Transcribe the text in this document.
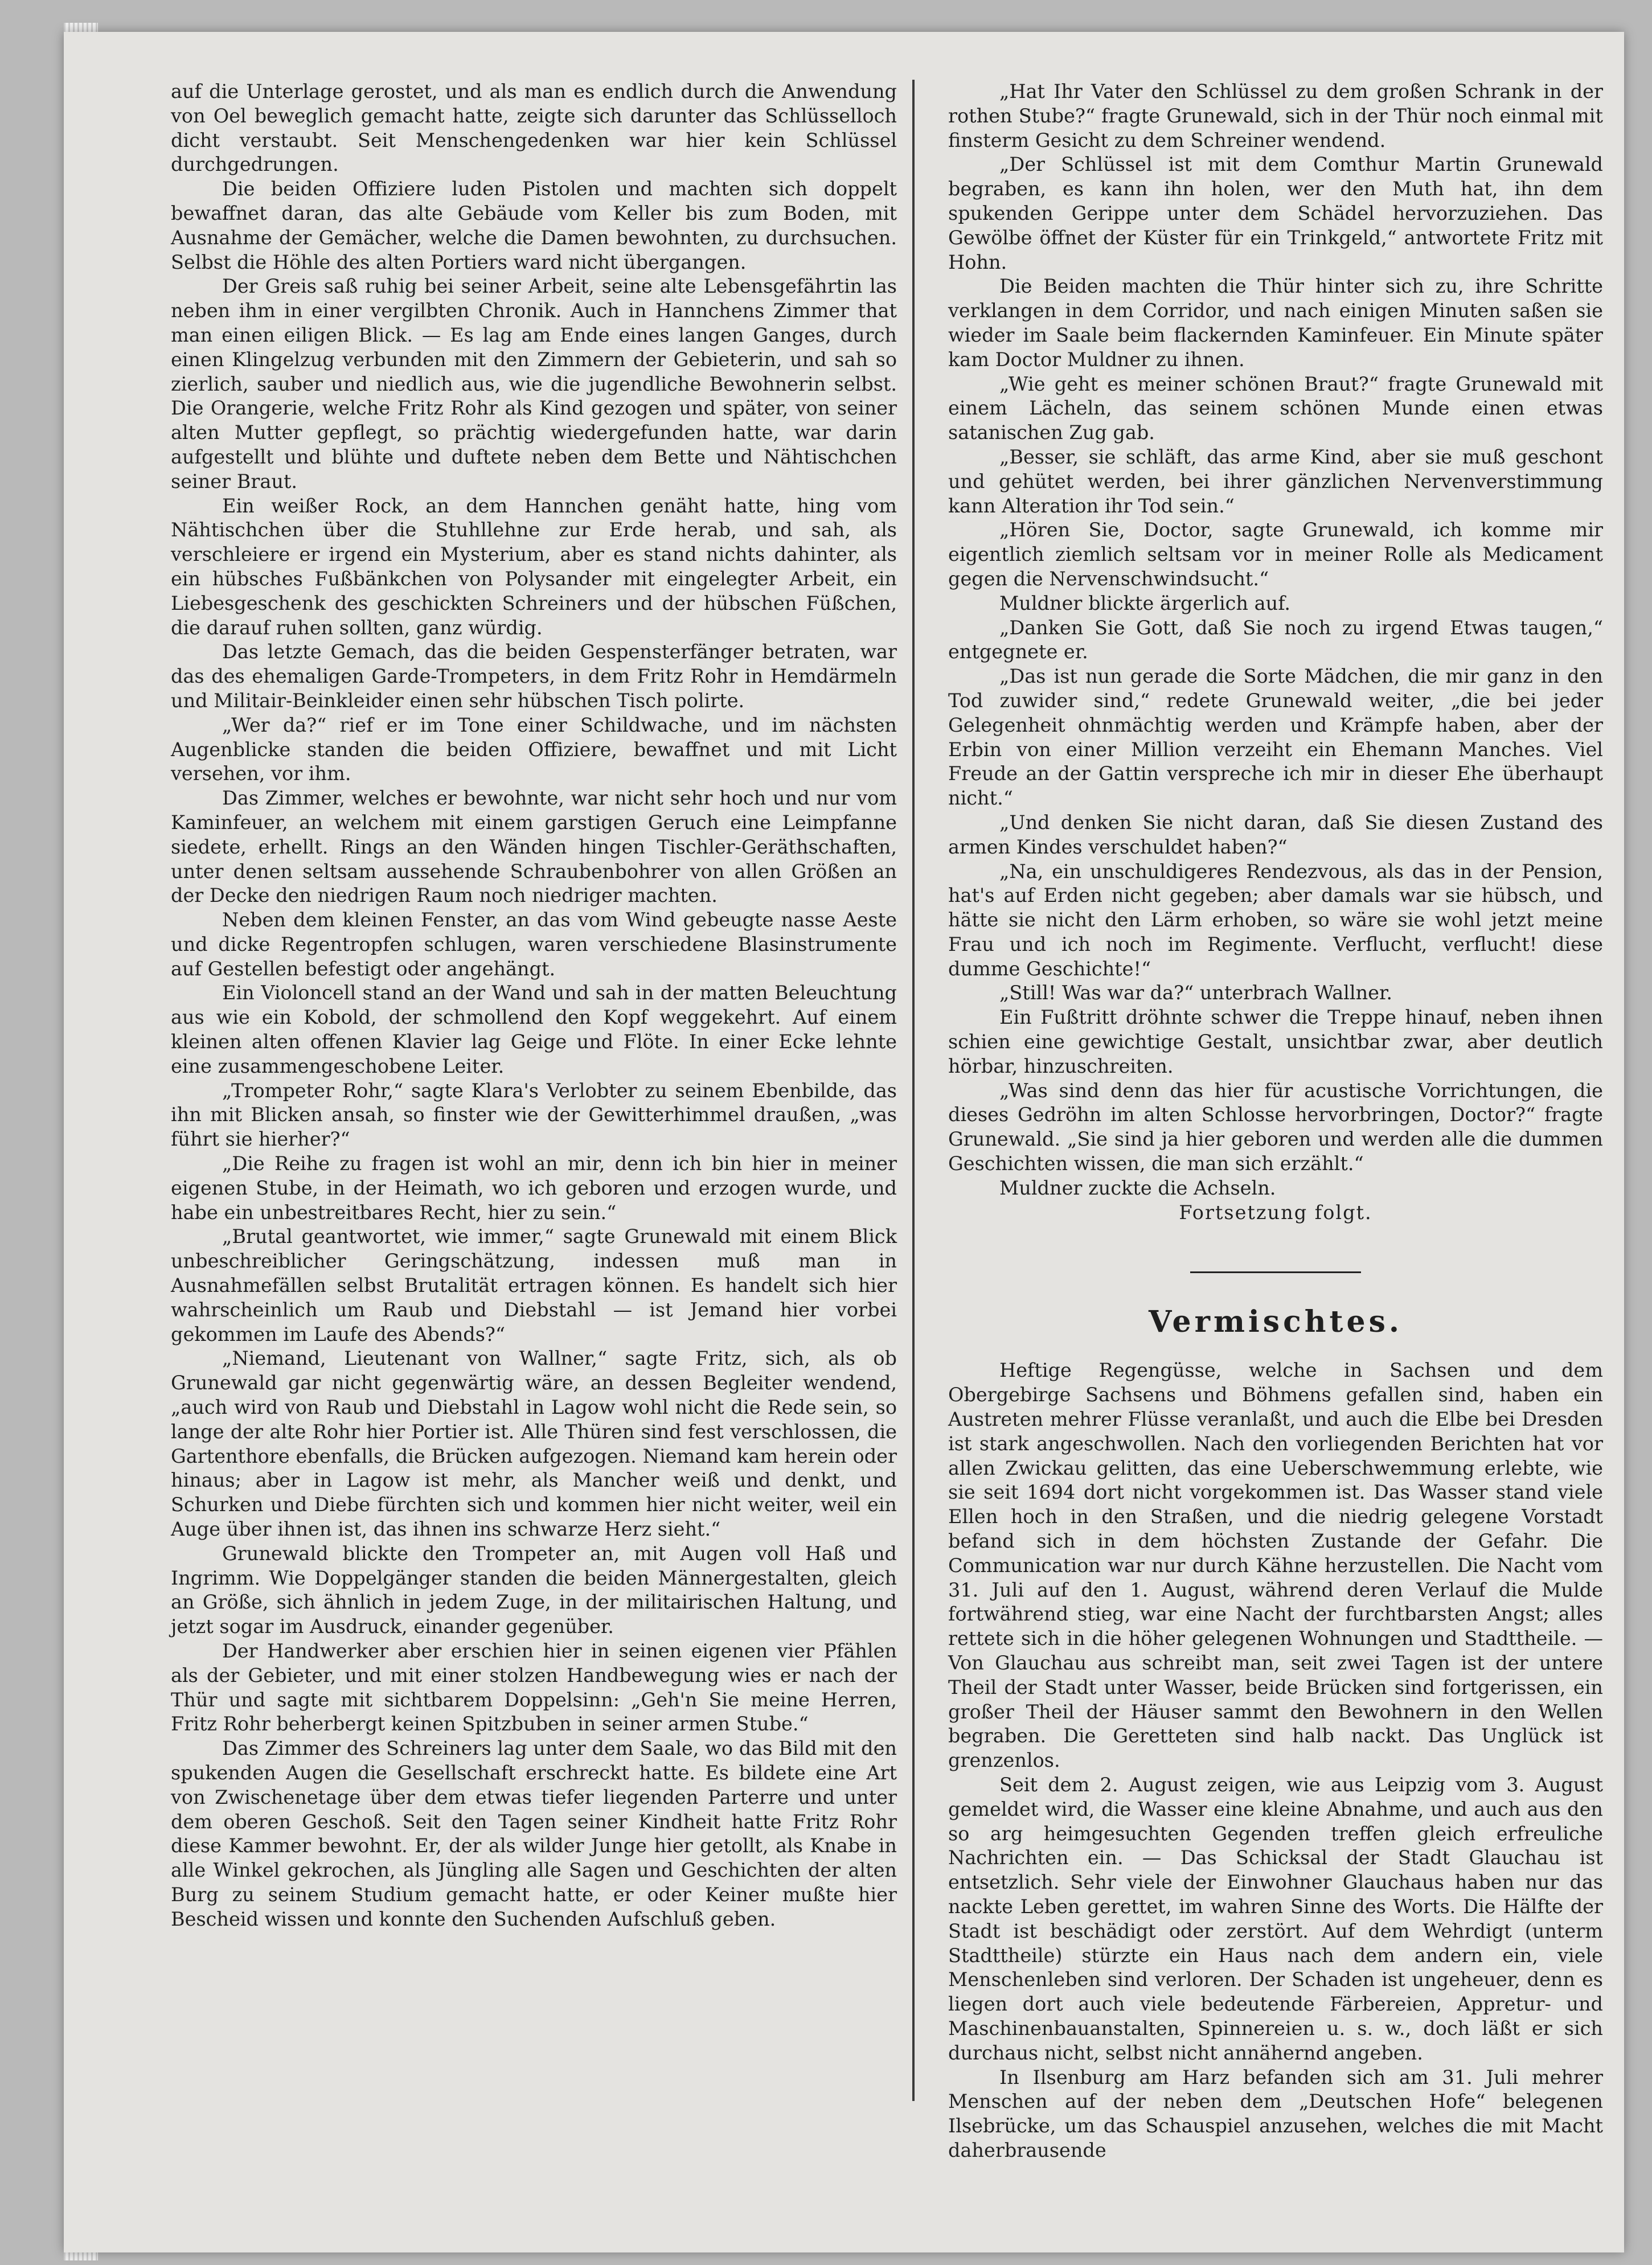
auf die Unterlage gerostet, und als man es endlich durch die Anwendung von Oel beweglich gemacht hatte, zeigte sich darunter das Schlüsselloch dicht verstaubt. Seit Menschengedenken war hier kein Schlüssel durchgedrungen.

Die beiden Offiziere luden Pistolen und machten sich doppelt bewaffnet daran, das alte Gebäude vom Keller bis zum Boden, mit Ausnahme der Gemächer, welche die Damen bewohnten, zu durchsuchen. Selbst die Höhle des alten Portiers ward nicht übergangen.

Der Greis saß ruhig bei seiner Arbeit, seine alte Lebensgefährtin las neben ihm in einer vergilbten Chronik. Auch in Hannchens Zimmer that man einen eiligen Blick. — Es lag am Ende eines langen Ganges, durch einen Klingelzug verbunden mit den Zimmern der Gebieterin, und sah so zierlich, sauber und niedlich aus, wie die jugendliche Bewohnerin selbst. Die Orangerie, welche Fritz Rohr als Kind gezogen und später, von seiner alten Mutter gepflegt, so prächtig wiedergefunden hatte, war darin aufgestellt und blühte und duftete neben dem Bette und Nähtischchen seiner Braut.

Ein weißer Rock, an dem Hannchen genäht hatte, hing vom Nähtischchen über die Stuhllehne zur Erde herab, und sah, als verschleiere er irgend ein Mysterium, aber es stand nichts dahinter, als ein hübsches Fußbänkchen von Polysander mit eingelegter Arbeit, ein Liebesgeschenk des geschickten Schreiners und der hübschen Füßchen, die darauf ruhen sollten, ganz würdig.

Das letzte Gemach, das die beiden Gespensterfänger betraten, war das des ehemaligen Garde-Trompeters, in dem Fritz Rohr in Hemdärmeln und Militair-Beinkleider einen sehr hübschen Tisch polirte.

„Wer da?“ rief er im Tone einer Schildwache, und im nächsten Augenblicke standen die beiden Offiziere, bewaffnet und mit Licht versehen, vor ihm.

Das Zimmer, welches er bewohnte, war nicht sehr hoch und nur vom Kaminfeuer, an welchem mit einem garstigen Geruch eine Leimpfanne siedete, erhellt. Rings an den Wänden hingen Tischler-Geräthschaften, unter denen seltsam aussehende Schraubenbohrer von allen Größen an der Decke den niedrigen Raum noch niedriger machten.

Neben dem kleinen Fenster, an das vom Wind gebeugte nasse Aeste und dicke Regentropfen schlugen, waren verschiedene Blasinstrumente auf Gestellen befestigt oder angehängt.

Ein Violoncell stand an der Wand und sah in der matten Beleuchtung aus wie ein Kobold, der schmollend den Kopf weggekehrt. Auf einem kleinen alten offenen Klavier lag Geige und Flöte. In einer Ecke lehnte eine zusammengeschobene Leiter.

„Trompeter Rohr,“ sagte Klara's Verlobter zu seinem Ebenbilde, das ihn mit Blicken ansah, so finster wie der Gewitterhimmel draußen, „was führt sie hierher?“

„Die Reihe zu fragen ist wohl an mir, denn ich bin hier in meiner eigenen Stube, in der Heimath, wo ich geboren und erzogen wurde, und habe ein unbestreitbares Recht, hier zu sein.“

„Brutal geantwortet, wie immer,“ sagte Grunewald mit einem Blick unbeschreiblicher Geringschätzung, indessen muß man in Ausnahmefällen selbst Brutalität ertragen können. Es handelt sich hier wahrscheinlich um Raub und Diebstahl — ist Jemand hier vorbei gekommen im Laufe des Abends?“

„Niemand, Lieutenant von Wallner,“ sagte Fritz, sich, als ob Grunewald gar nicht gegenwärtig wäre, an dessen Begleiter wendend, „auch wird von Raub und Diebstahl in Lagow wohl nicht die Rede sein, so lange der alte Rohr hier Portier ist. Alle Thüren sind fest verschlossen, die Gartenthore ebenfalls, die Brücken aufgezogen. Niemand kam herein oder hinaus; aber in Lagow ist mehr, als Mancher weiß und denkt, und Schurken und Diebe fürchten sich und kommen hier nicht weiter, weil ein Auge über ihnen ist, das ihnen ins schwarze Herz sieht.“

Grunewald blickte den Trompeter an, mit Augen voll Haß und Ingrimm. Wie Doppelgänger standen die beiden Männergestalten, gleich an Größe, sich ähnlich in jedem Zuge, in der militairischen Haltung, und jetzt sogar im Ausdruck, einander gegenüber.

Der Handwerker aber erschien hier in seinen eigenen vier Pfählen als der Gebieter, und mit einer stolzen Handbewegung wies er nach der Thür und sagte mit sichtbarem Doppelsinn: „Geh'n Sie meine Herren, Fritz Rohr beherbergt keinen Spitzbuben in seiner armen Stube.“

Das Zimmer des Schreiners lag unter dem Saale, wo das Bild mit den spukenden Augen die Gesellschaft erschreckt hatte. Es bildete eine Art von Zwischenetage über dem etwas tiefer liegenden Parterre und unter dem oberen Geschoß. Seit den Tagen seiner Kindheit hatte Fritz Rohr diese Kammer bewohnt. Er, der als wilder Junge hier getollt, als Knabe in alle Winkel gekrochen, als Jüngling alle Sagen und Geschichten der alten Burg zu seinem Studium gemacht hatte, er oder Keiner mußte hier Bescheid wissen und konnte den Suchenden Aufschluß geben.

„Hat Ihr Vater den Schlüssel zu dem großen Schrank in der rothen Stube?“ fragte Grunewald, sich in der Thür noch einmal mit finsterm Gesicht zu dem Schreiner wendend.

„Der Schlüssel ist mit dem Comthur Martin Grunewald begraben, es kann ihn holen, wer den Muth hat, ihn dem spukenden Gerippe unter dem Schädel hervorzuziehen. Das Gewölbe öffnet der Küster für ein Trinkgeld,“ antwortete Fritz mit Hohn.

Die Beiden machten die Thür hinter sich zu, ihre Schritte verklangen in dem Corridor, und nach einigen Minuten saßen sie wieder im Saale beim flackernden Kaminfeuer. Ein Minute später kam Doctor Muldner zu ihnen.

„Wie geht es meiner schönen Braut?“ fragte Grunewald mit einem Lächeln, das seinem schönen Munde einen etwas satanischen Zug gab.

„Besser, sie schläft, das arme Kind, aber sie muß geschont und gehütet werden, bei ihrer gänzlichen Nervenverstimmung kann Alteration ihr Tod sein.“

„Hören Sie, Doctor, sagte Grunewald, ich komme mir eigentlich ziemlich seltsam vor in meiner Rolle als Medicament gegen die Nervenschwindsucht.“

Muldner blickte ärgerlich auf.

„Danken Sie Gott, daß Sie noch zu irgend Etwas taugen,“ entgegnete er.

„Das ist nun gerade die Sorte Mädchen, die mir ganz in den Tod zuwider sind,“ redete Grunewald weiter, „die bei jeder Gelegenheit ohnmächtig werden und Krämpfe haben, aber der Erbin von einer Million verzeiht ein Ehemann Manches. Viel Freude an der Gattin verspreche ich mir in dieser Ehe überhaupt nicht.“

„Und denken Sie nicht daran, daß Sie diesen Zustand des armen Kindes verschuldet haben?“

„Na, ein unschuldigeres Rendezvous, als das in der Pension, hat's auf Erden nicht gegeben; aber damals war sie hübsch, und hätte sie nicht den Lärm erhoben, so wäre sie wohl jetzt meine Frau und ich noch im Regimente. Verflucht, verflucht! diese dumme Geschichte!“

„Still! Was war da?“ unterbrach Wallner.

Ein Fußtritt dröhnte schwer die Treppe hinauf, neben ihnen schien eine gewichtige Gestalt, unsichtbar zwar, aber deutlich hörbar, hinzuschreiten.

„Was sind denn das hier für acustische Vorrichtungen, die dieses Gedröhn im alten Schlosse hervorbringen, Doctor?“ fragte Grunewald. „Sie sind ja hier geboren und werden alle die dummen Geschichten wissen, die man sich erzählt.“

Muldner zuckte die Achseln.

Fortsetzung folgt.

Vermischtes.

Heftige Regengüsse, welche in Sachsen und dem Obergebirge Sachsens und Böhmens gefallen sind, haben ein Austreten mehrer Flüsse veranlaßt, und auch die Elbe bei Dresden ist stark angeschwollen. Nach den vorliegenden Berichten hat vor allen Zwickau gelitten, das eine Ueberschwemmung erlebte, wie sie seit 1694 dort nicht vorgekommen ist. Das Wasser stand viele Ellen hoch in den Straßen, und die niedrig gelegene Vorstadt befand sich in dem höchsten Zustande der Gefahr. Die Communication war nur durch Kähne herzustellen. Die Nacht vom 31. Juli auf den 1. August, während deren Verlauf die Mulde fortwährend stieg, war eine Nacht der furchtbarsten Angst; alles rettete sich in die höher gelegenen Wohnungen und Stadttheile. — Von Glauchau aus schreibt man, seit zwei Tagen ist der untere Theil der Stadt unter Wasser, beide Brücken sind fortgerissen, ein großer Theil der Häuser sammt den Bewohnern in den Wellen begraben. Die Geretteten sind halb nackt. Das Unglück ist grenzenlos.

Seit dem 2. August zeigen, wie aus Leipzig vom 3. August gemeldet wird, die Wasser eine kleine Abnahme, und auch aus den so arg heimgesuchten Gegenden treffen gleich erfreuliche Nachrichten ein. — Das Schicksal der Stadt Glauchau ist entsetzlich. Sehr viele der Einwohner Glauchaus haben nur das nackte Leben gerettet, im wahren Sinne des Worts. Die Hälfte der Stadt ist beschädigt oder zerstört. Auf dem Wehrdigt (unterm Stadttheile) stürzte ein Haus nach dem andern ein, viele Menschenleben sind verloren. Der Schaden ist ungeheuer, denn es liegen dort auch viele bedeutende Färbereien, Appretur- und Maschinenbauanstalten, Spinnereien u. s. w., doch läßt er sich durchaus nicht, selbst nicht annähernd angeben.

In Ilsenburg am Harz befanden sich am 31. Juli mehrer Menschen auf der neben dem „Deutschen Hofe“ belegenen Ilsebrücke, um das Schauspiel anzusehen, welches die mit Macht daherbrausende
